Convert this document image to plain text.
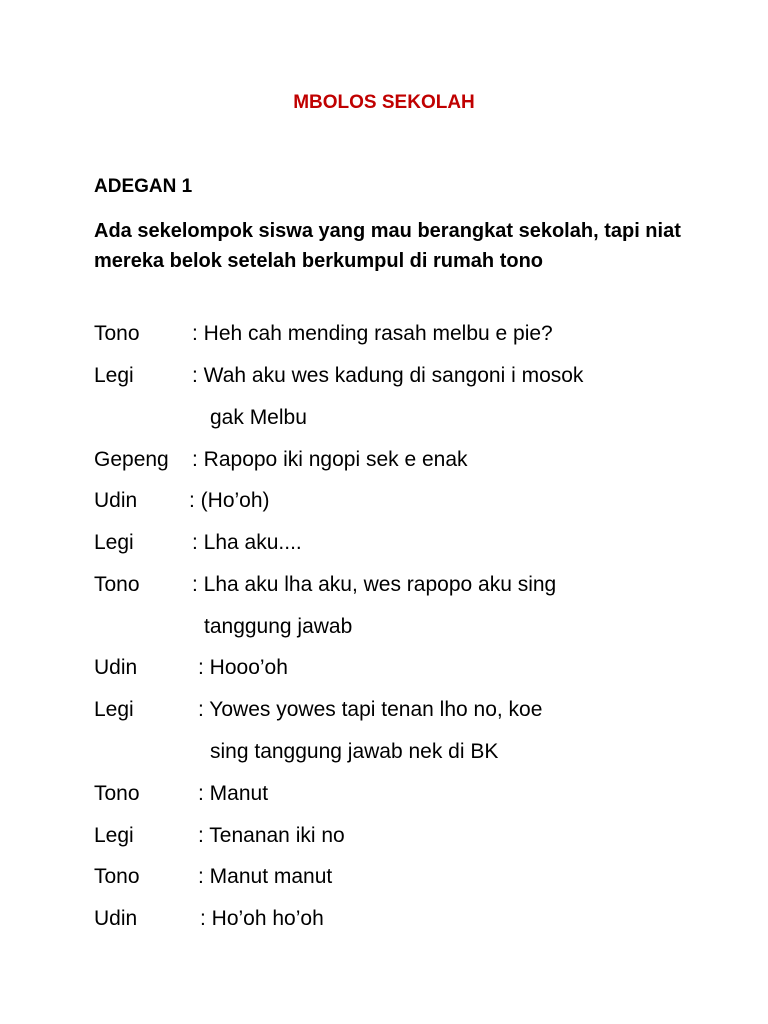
MBOLOS SEKOLAH
ADEGAN 1
Ada sekelompok siswa yang mau berangkat sekolah, tapi niat mereka belok setelah berkumpul di rumah tono
Tono : Heh cah mending rasah melbu e pie?
Legi	: Wah aku wes kadung di sangoni i mosok
gak Melbu
Gepeng : Rapopo iki ngopi sek e enak
Udin : (Ho’oh)
Legi	: Lha aku....
Tono : Lha aku lha aku, wes rapopo aku sing
tanggung jawab
Udin	: Hooo’oh
Legi	: Yowes yowes tapi tenan lho no, koe
sing tanggung jawab nek di BK
Tono	: Manut
Legi	: Tenanan iki no
Tono	: Manut manut
Udin	: Ho’oh ho’oh
